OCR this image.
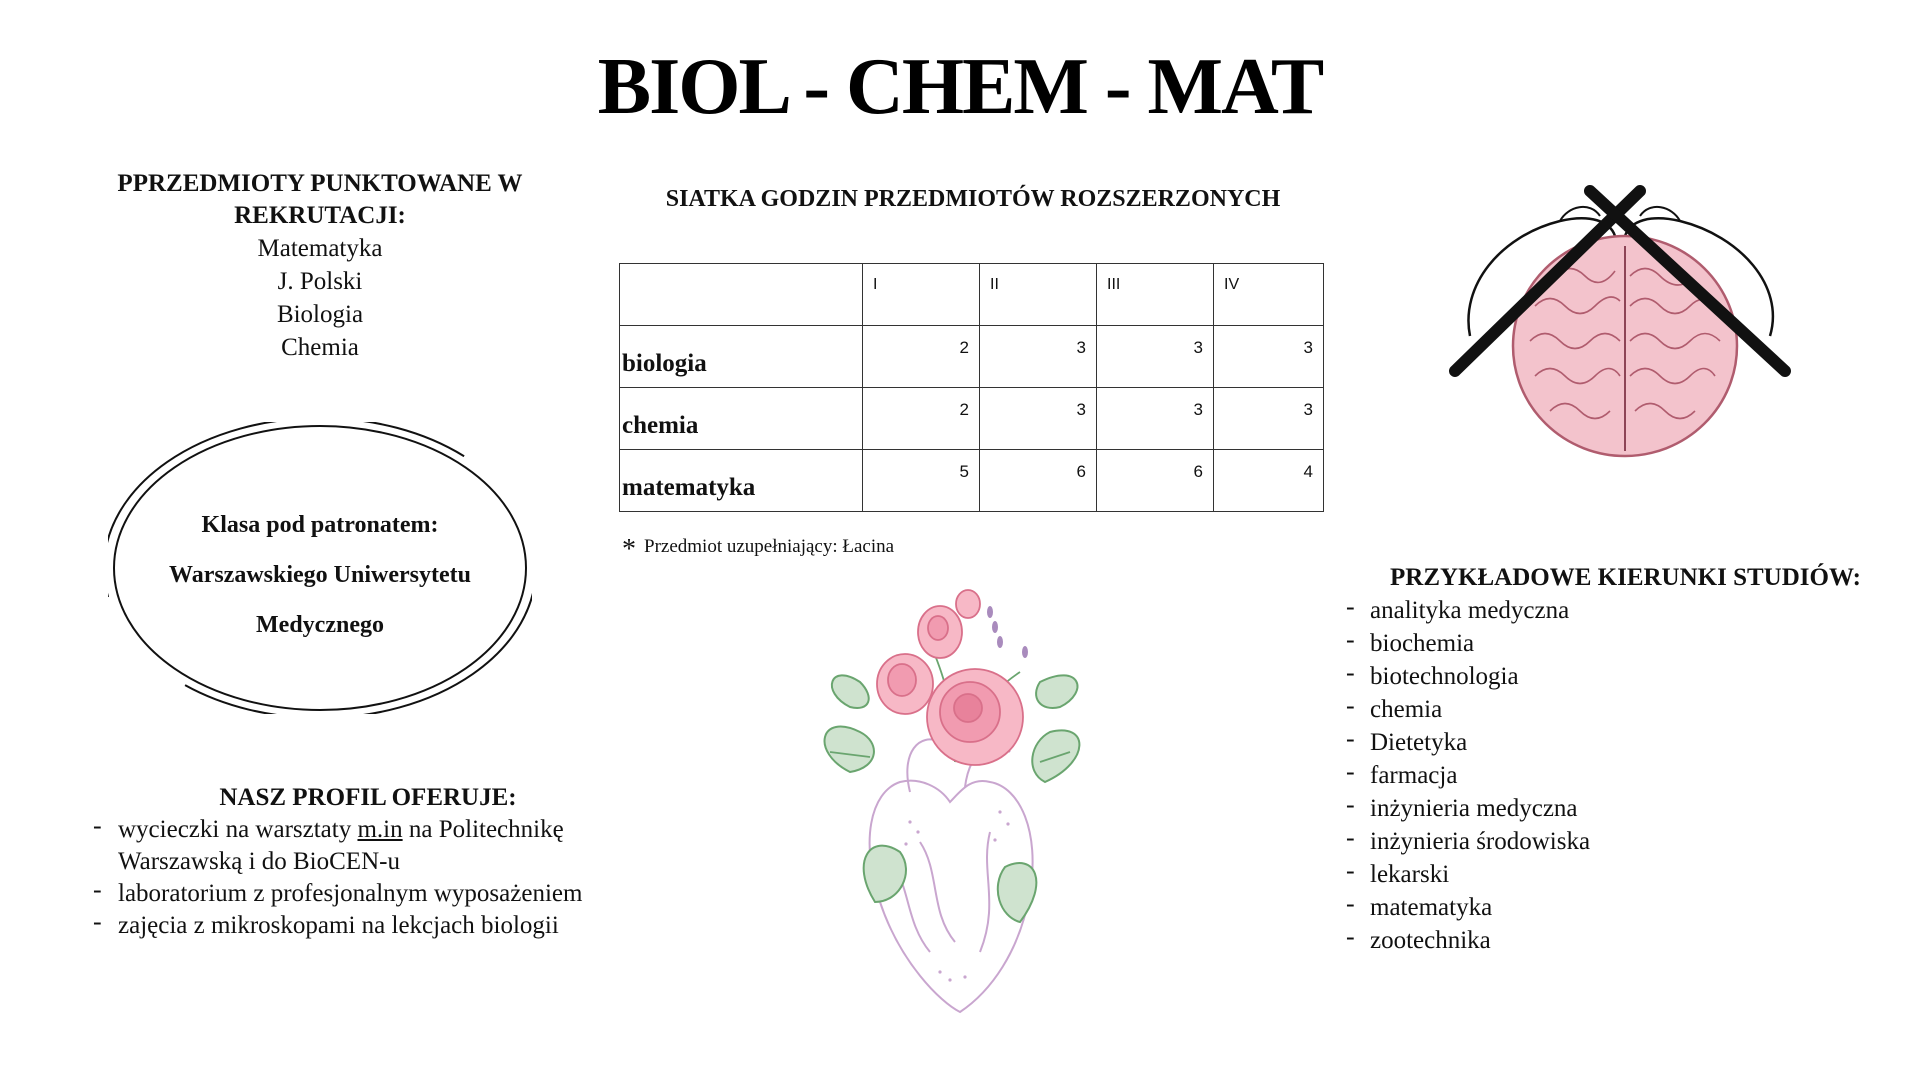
BIOL - CHEM - MAT
PPRZEDMIOTY PUNKTOWANE W REKRUTACJI:
Matematyka
J. Polski
Biologia
Chemia
Klasa pod patronatem:
Warszawskiego Uniwersytetu
Medycznego
NASZ PROFIL OFERUJE:
- wycieczki na warsztaty m.in na Politechnikę Warszawską i do BioCEN-u
- laboratorium z profesjonalnym wyposażeniem
- zajęcia z mikroskopami na lekcjach biologii
SIATKA GODZIN PRZEDMIOTÓW ROZSZERZONYCH
	I	II	III	IV
biologia	2	3	3	3
chemia	2	3	3	3
matematyka	5	6	6	4
* Przedmiot uzupełniający: Łacina
PRZYKŁADOWE KIERUNKI STUDIÓW:
- analityka medyczna
- biochemia
- biotechnologia
- chemia
- Dietetyka
- farmacja
- inżynieria medyczna
- inżynieria środowiska
- lekarski
- matematyka
- zootechnika
